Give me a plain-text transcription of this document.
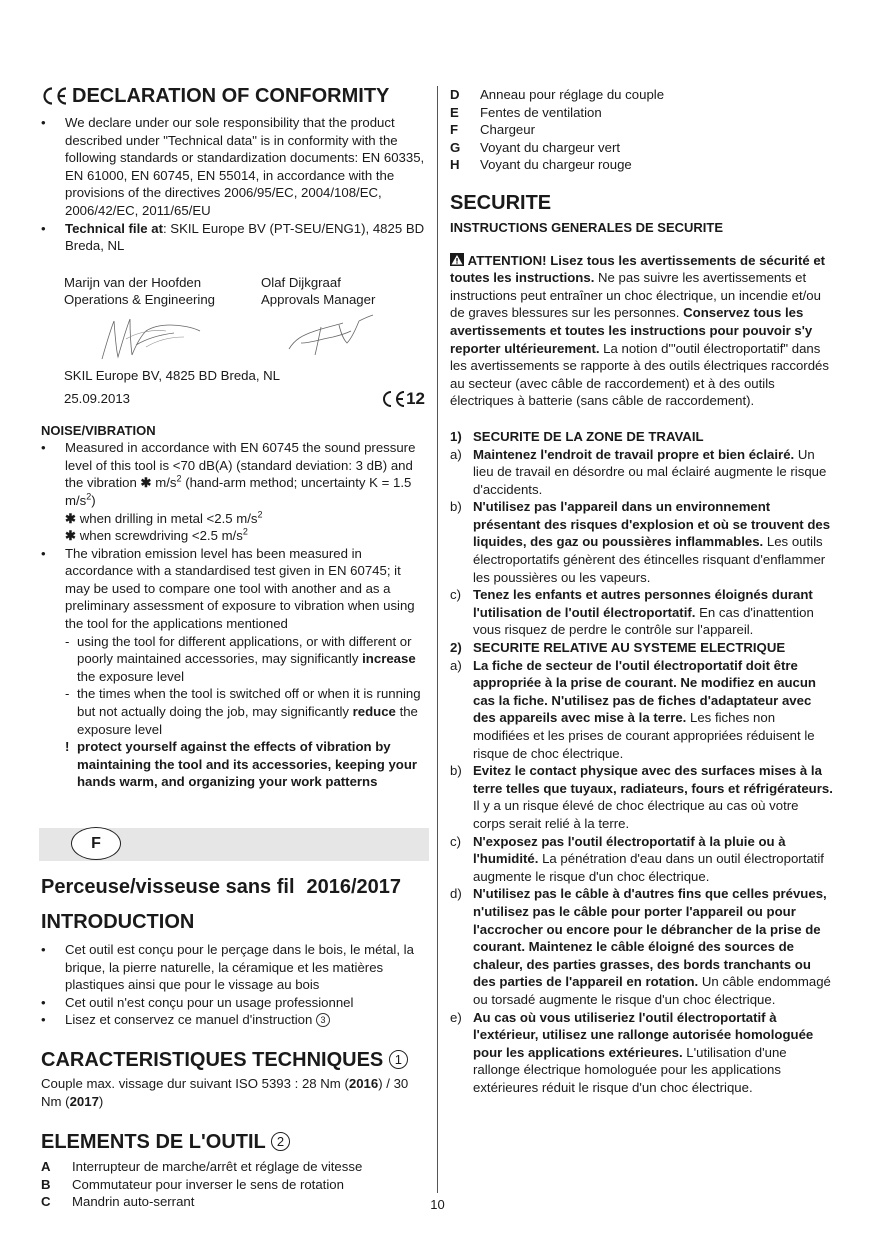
DECLARATION OF CONFORMITY
• We declare under our sole responsibility that the product described under "Technical data" is in conformity with the following standards or standardization documents: EN 60335, EN 61000, EN 60745, EN 55014, in accordance with the provisions of the directives 2006/95/EC, 2004/108/EC, 2006/42/EC, 2011/65/EU
• Technical file at: SKIL Europe BV (PT-SEU/ENG1), 4825 BD Breda, NL
Marijn van der Hoofden
Operations & Engineering
Olaf Dijkgraaf
Approvals Manager
SKIL Europe BV, 4825 BD Breda, NL
25.09.2013	12
NOISE/VIBRATION
• Measured in accordance with EN 60745 the sound pressure level of this tool is <70 dB(A) (standard deviation: 3 dB) and the vibration ✱ $m/s^2$ (hand-arm method; uncertainty K = 1.5 $m/s^2$)
✱ when drilling in metal <2.5 $m/s^2$
✱ when screwdriving <2.5 $m/s^2$
• The vibration emission level has been measured in accordance with a standardised test given in EN 60745; it may be used to compare one tool with another and as a preliminary assessment of exposure to vibration when using the tool for the applications mentioned
- using the tool for different applications, or with different or poorly maintained accessories, may significantly increase the exposure level
- the times when the tool is switched off or when it is running but not actually doing the job, may significantly reduce the exposure level
! protect yourself against the effects of vibration by maintaining the tool and its accessories, keeping your hands warm, and organizing your work patterns
F
Perceuse/visseuse sans fil 2016/2017
INTRODUCTION
• Cet outil est conçu pour le perçage dans le bois, le métal, la brique, la pierre naturelle, la céramique et les matières plastiques ainsi que pour le vissage au bois
• Cet outil n'est conçu pour un usage professionnel
• Lisez et conservez ce manuel d'instruction 3
CARACTERISTIQUES TECHNIQUES 1
Couple max. vissage dur suivant ISO 5393 : 28 Nm (2016) / 30 Nm (2017)
ELEMENTS DE L'OUTIL 2
A	Interrupteur de marche/arrêt et réglage de vitesse
B	Commutateur pour inverser le sens de rotation
C	Mandrin auto-serrant
D	Anneau pour réglage du couple
E	Fentes de ventilation
F	Chargeur
G	Voyant du chargeur vert
H	Voyant du chargeur rouge
SECURITE
INSTRUCTIONS GENERALES DE SECURITE
ATTENTION! Lisez tous les avertissements de sécurité et toutes les instructions. Ne pas suivre les avertissements et instructions peut entraîner un choc électrique, un incendie et/ou de graves blessures sur les personnes. Conservez tous les avertissements et toutes les instructions pour pouvoir s'y reporter ultérieurement. La notion d'"outil électroportatif" dans les avertissements se rapporte à des outils électriques raccordés au secteur (avec câble de raccordement) et à des outils électriques à batterie (sans câble de raccordement).
1) SECURITE DE LA ZONE DE TRAVAIL
a) Maintenez l'endroit de travail propre et bien éclairé. Un lieu de travail en désordre ou mal éclairé augmente le risque d'accidents.
b) N'utilisez pas l'appareil dans un environnement présentant des risques d'explosion et où se trouvent des liquides, des gaz ou poussières inflammables. Les outils électroportatifs génèrent des étincelles risquant d'enflammer les poussières ou les vapeurs.
c) Tenez les enfants et autres personnes éloignés durant l'utilisation de l'outil électroportatif. En cas d'inattention vous risquez de perdre le contrôle sur l'appareil.
2) SECURITE RELATIVE AU SYSTEME ELECTRIQUE
a) La fiche de secteur de l'outil électroportatif doit être appropriée à la prise de courant. Ne modifiez en aucun cas la fiche. N'utilisez pas de fiches d'adaptateur avec des appareils avec mise à la terre. Les fiches non modifiées et les prises de courant appropriées réduisent le risque de choc électrique.
b) Evitez le contact physique avec des surfaces mises à la terre telles que tuyaux, radiateurs, fours et réfrigérateurs. Il y a un risque élevé de choc électrique au cas où votre corps serait relié à la terre.
c) N'exposez pas l'outil électroportatif à la pluie ou à l'humidité. La pénétration d'eau dans un outil électroportatif augmente le risque d'un choc électrique.
d) N'utilisez pas le câble à d'autres fins que celles prévues, n'utilisez pas le câble pour porter l'appareil ou pour l'accrocher ou encore pour le débrancher de la prise de courant. Maintenez le câble éloigné des sources de chaleur, des parties grasses, des bords tranchants ou des parties de l'appareil en rotation. Un câble endommagé ou torsadé augmente le risque d'un choc électrique.
e) Au cas où vous utiliseriez l'outil électroportatif à l'extérieur, utilisez une rallonge autorisée homologuée pour les applications extérieures. L'utilisation d'une rallonge électrique homologuée pour les applications extérieures réduit le risque d'un choc électrique.
10
